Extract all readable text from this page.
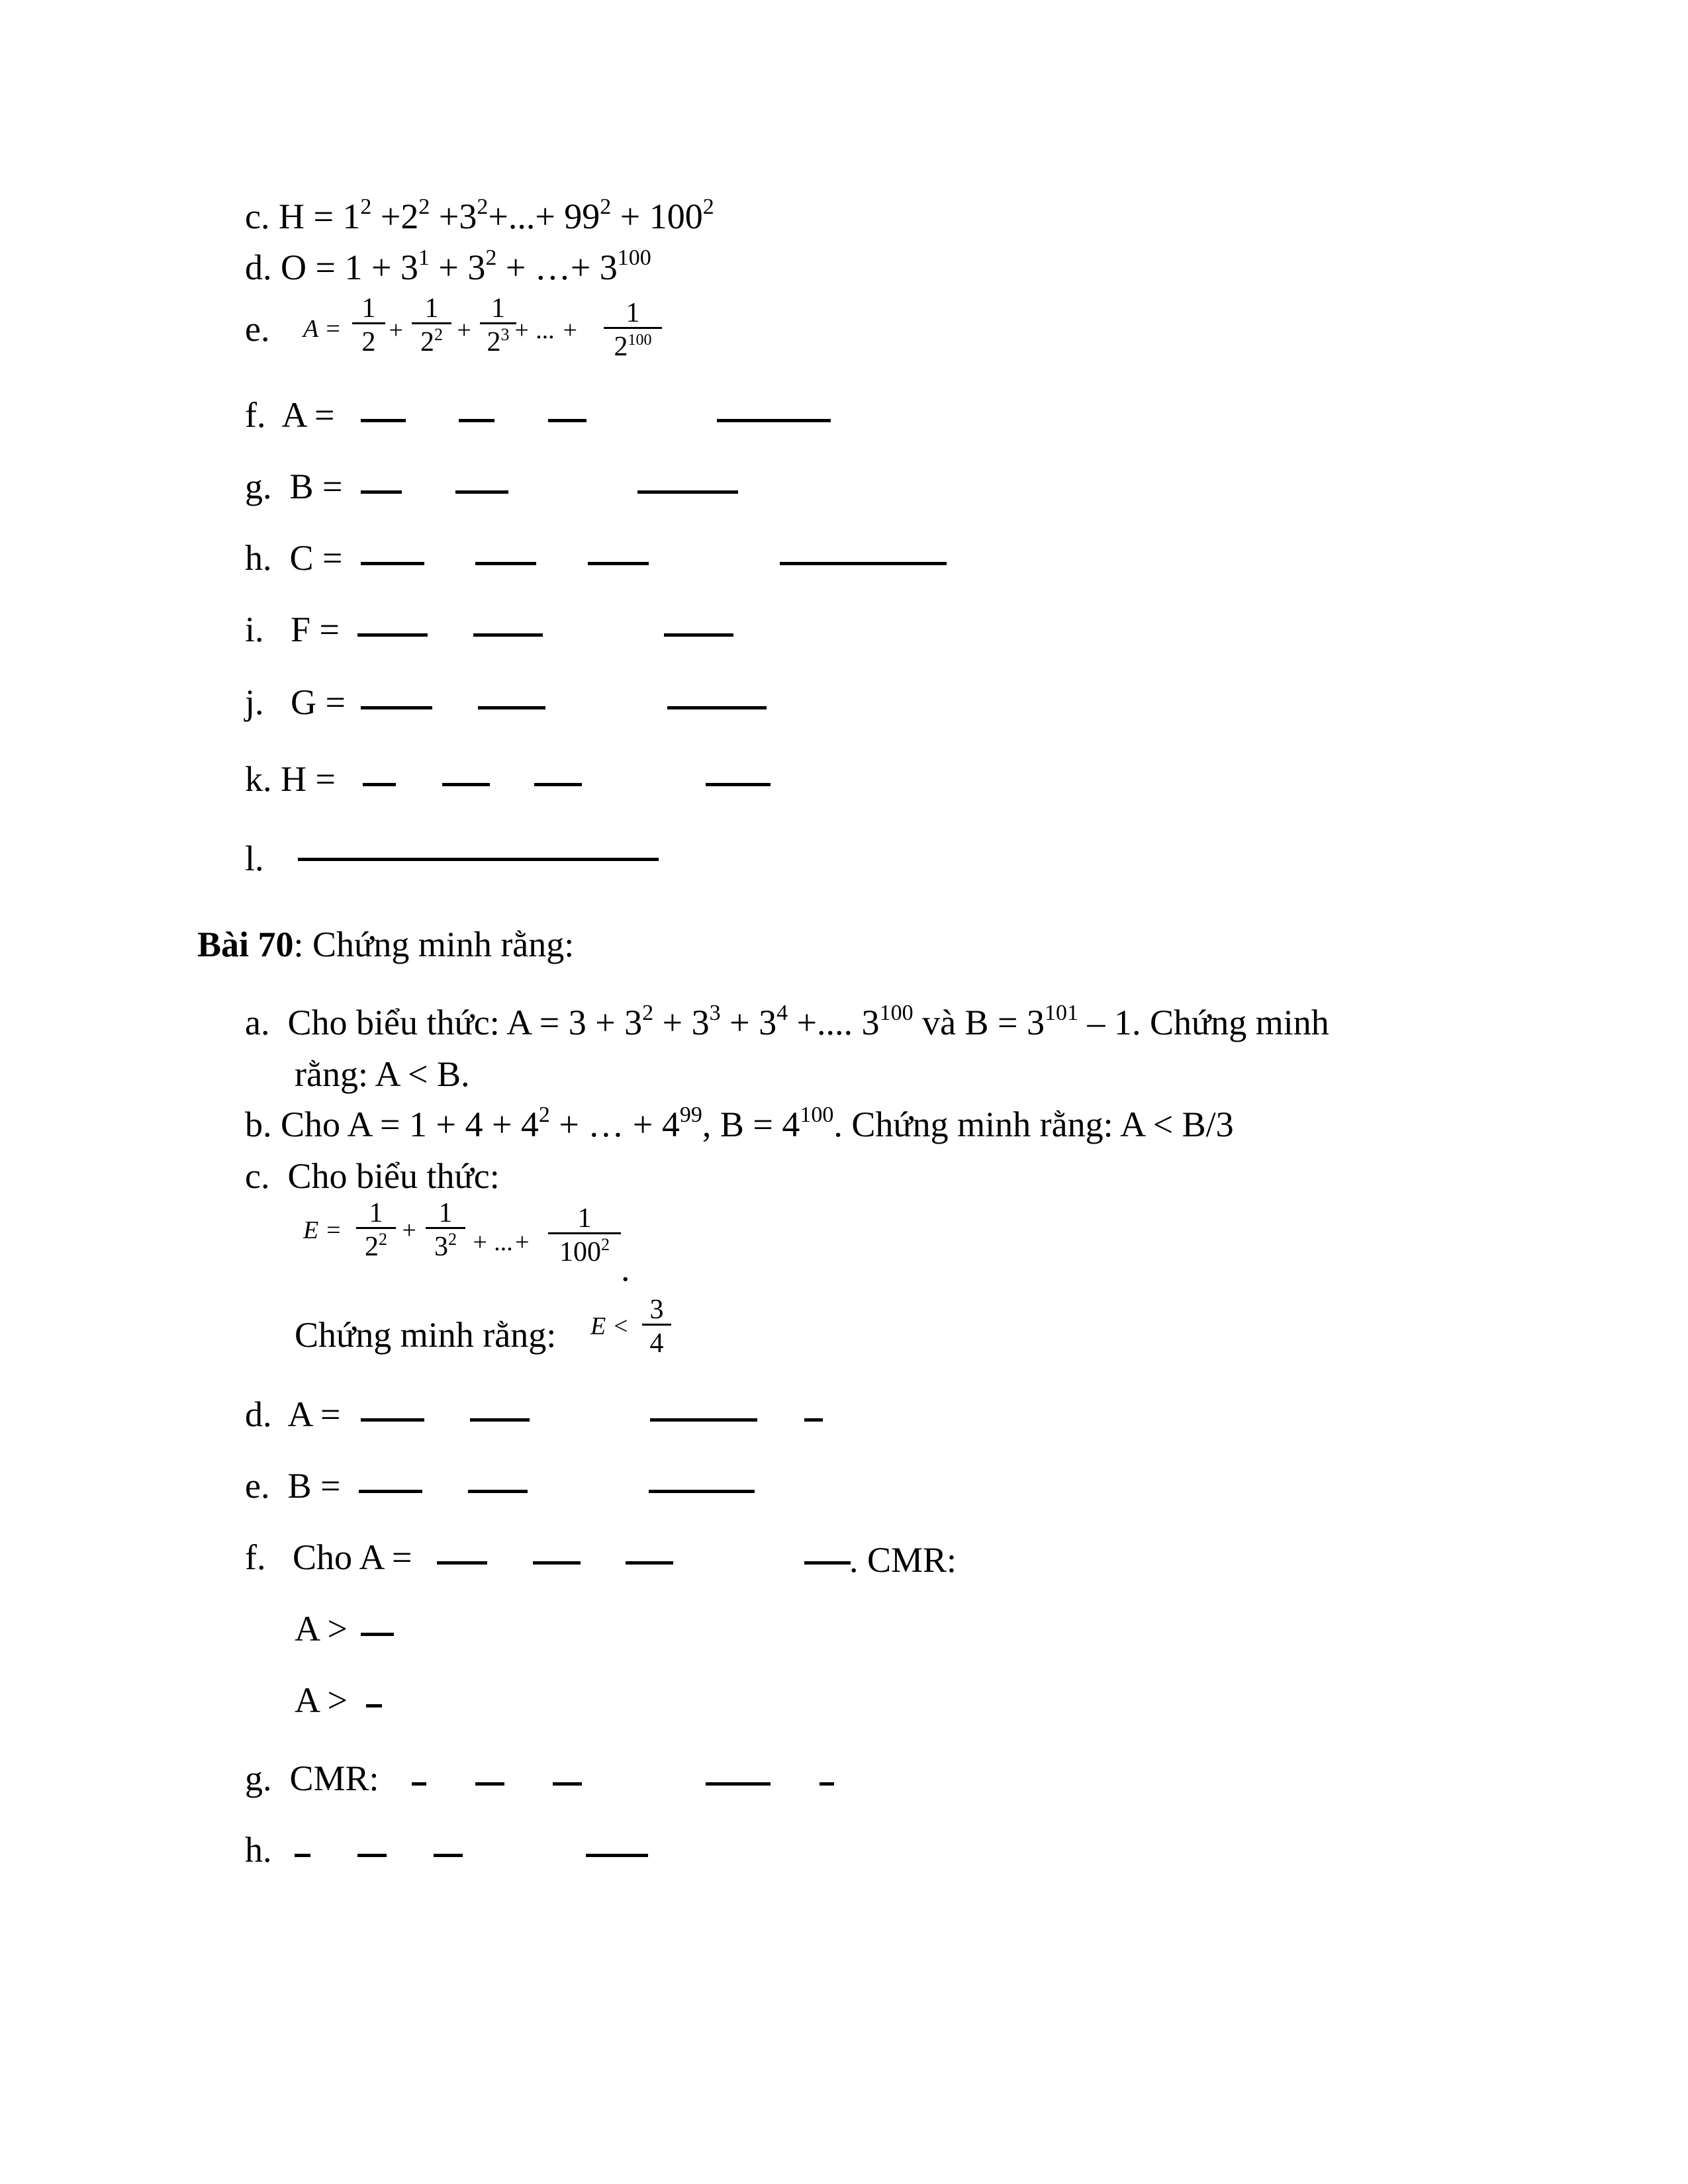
c. $H = 1^2 +2^2 +3^2+...+ 99^2 + 100^2$
d. $O = 1 + 3^1 + 3^2$ + …+ $3^{100}$
e. A =
1
2 +
1
$2^2$ +
1
$2^3$ + ... +
1
$2^{100}$
f. A =
g. B =
h. C =
i. F =
j. G =
k. H =
l.
Bài 70: Chứng minh rằng:
a. Cho biểu thức: $A = 3 + 3^2 + 3^3 + 3^4$ +.... $3^{100}$ và $B = 3^{101} - 1$. Chứng minh
rằng: A < B.
b. Cho $A = 1 + 4 + 4^2$ + … + $4^{99}$, $B = 4^{100}$. Chứng minh rằng: A < B/3
c. Cho biểu thức:
E =
1
$2^2$ +
1
$3^2$ + ...+
1
$100^2$
.
Chứng minh rằng: E <
3
4
d. A =
e. B =
f. Cho A =	. CMR:
A >
A >
g. CMR:
h.
